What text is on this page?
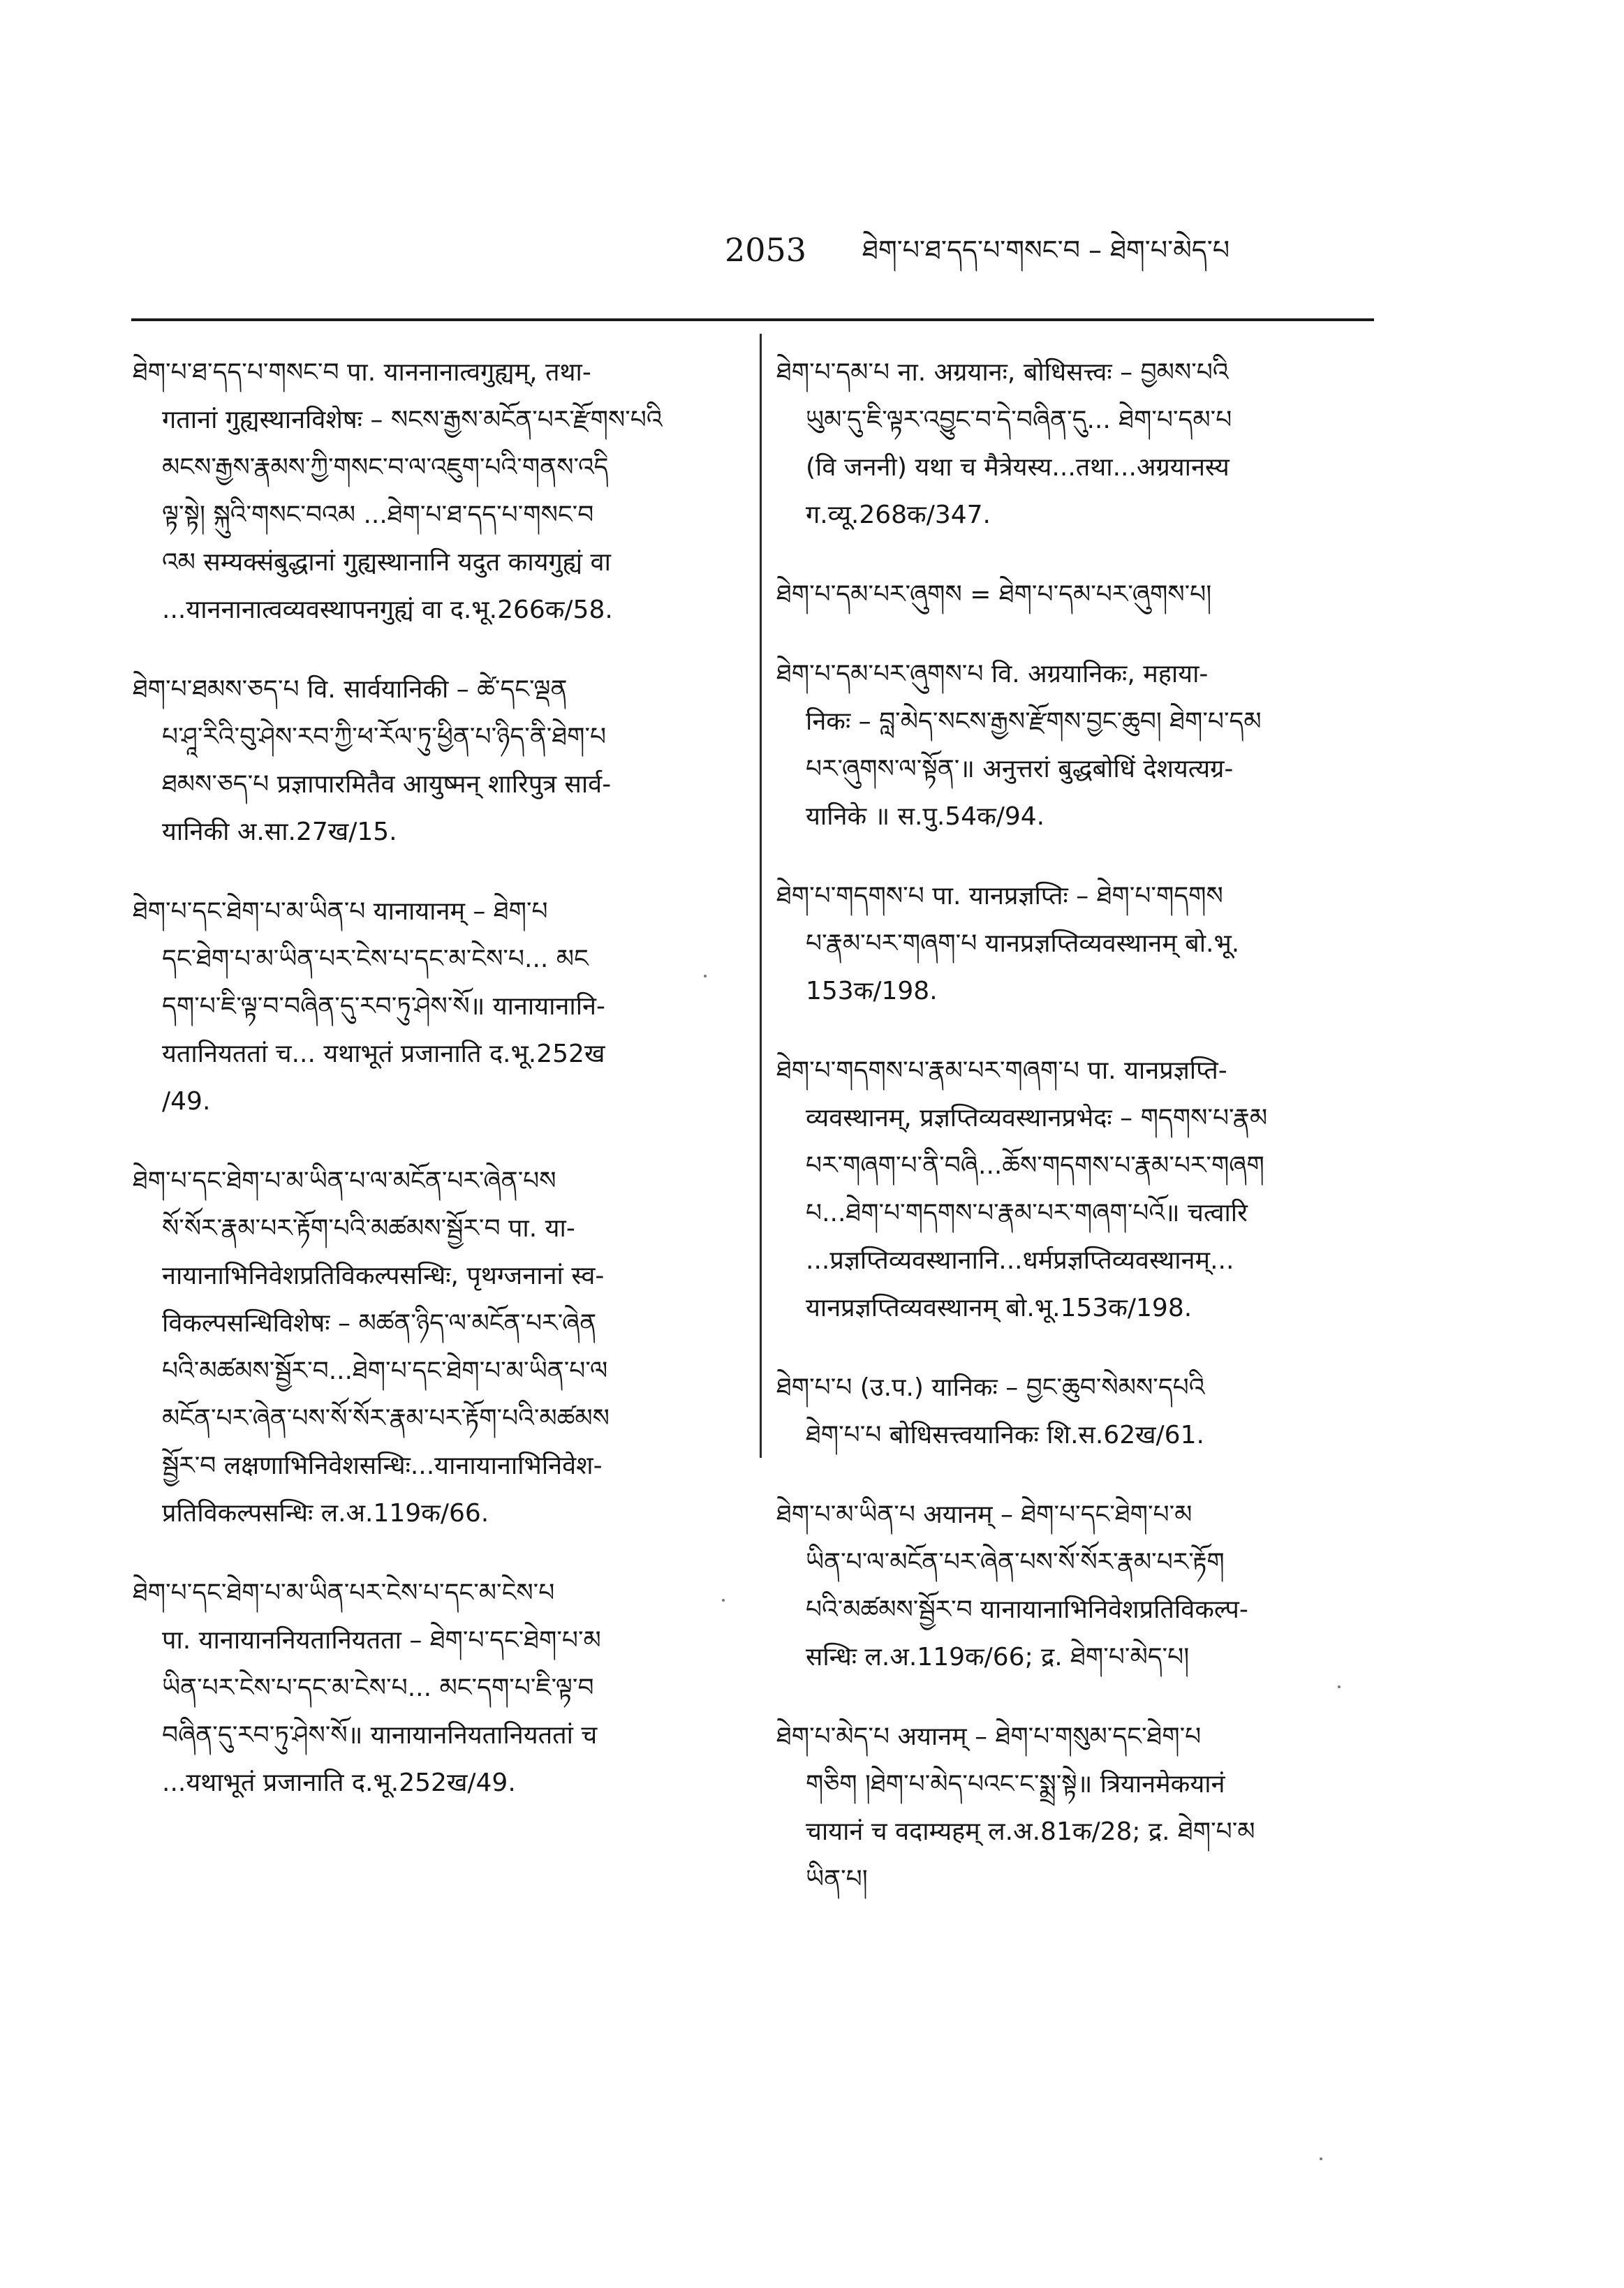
2053 ཐེག་པ་ཐ་དད་པ་གསང་བ – ཐེག་པ་མེད་པ

ཐེག་པ་ཐ་དད་པ་གསང་བ पा. याननानात्वगुह्यम्, तथा-

गतानां गुह्यस्थानविशेषः – སངས་རྒྱས་མངོན་པར་རྫོགས་པའི

མངས་རྒྱས་རྣམས་ཀྱི་གསང་བ་ལ་འཇུག་པའི་གནས་འདི

ལྟ་སྟེ། སྐུའི་གསང་བའམ ...ཐེག་པ་ཐ་དད་པ་གསང་བ

འམ सम्यक्संबुद्धानां गुह्यस्थानानि यदुत कायगुह्यं वा

...याननानात्वव्यवस्थापनगुह्यं वा द.भू.266क/58.

ཐེག་པ་ཐམས་ཅད་པ वि. सार्वयानिकी – ཚེ་དང་ལྡན

པ་ཤཱ་རིའི་བུ་ཤེས་རབ་ཀྱི་ཕ་རོལ་ཏུ་ཕྱིན་པ་ཉིད་ནི་ཐེག་པ

ཐམས་ཅད་པ प्रज्ञापारमितैव आयुष्मन् शारिपुत्र सार्व-

यानिकी अ.सा.27ख/15.

ཐེག་པ་དང་ཐེག་པ་མ་ཡིན་པ यानायानम् – ཐེག་པ

དང་ཐེག་པ་མ་ཡིན་པར་ངེས་པ་དང་མ་ངེས་པ... མང

དག་པ་ཇི་ལྟ་བ་བཞིན་དུ་རབ་ཏུ་ཤེས་སོ॥ यानायानानि-

यतानियततां च... यथाभूतं प्रजानाति द.भू.252ख

/49.

ཐེག་པ་དང་ཐེག་པ་མ་ཡིན་པ་ལ་མངོན་པར་ཞེན་པས

སོ་སོར་རྣམ་པར་རྟོག་པའི་མཚམས་སྦྱོར་བ पा. या-

नायानाभिनिवेशप्रतिविकल्पसन्धिः, पृथग्जनानां स्व-

विकल्पसन्धिविशेषः – མཚན་ཉིད་ལ་མངོན་པར་ཞེན

པའི་མཚམས་སྦྱོར་བ...ཐེག་པ་དང་ཐེག་པ་མ་ཡིན་པ་ལ

མངོན་པར་ཞེན་པས་སོ་སོར་རྣམ་པར་རྟོག་པའི་མཚམས

སྦྱོར་བ लक्षणाभिनिवेशसन्धिः...यानायानाभिनिवेश-

प्रतिविकल्पसन्धिः ल.अ.119क/66.

ཐེག་པ་དང་ཐེག་པ་མ་ཡིན་པར་ངེས་པ་དང་མ་ངེས་པ

पा. यानायाननियतानियतता – ཐེག་པ་དང་ཐེག་པ་མ

ཡིན་པར་ངེས་པ་དང་མ་ངེས་པ... མང་དག་པ་ཇི་ལྟ་བ

བཞིན་དུ་རབ་ཏུ་ཤེས་སོ॥ यानायाननियतानियततां च

...यथाभूतं प्रजानाति द.भू.252ख/49.

ཐེག་པ་དམ་པ ना. अग्रयानः, बोधिसत्त्वः – བྱམས་པའི

ཡུམ་དུ་ཇི་ལྟར་འབྱུང་བ་དེ་བཞིན་དུ... ཐེག་པ་དམ་པ

(वि जननी) यथा च मैत्रेयस्य...तथा...अग्रयानस्य

ग.व्यू.268क/347.

ཐེག་པ་དམ་པར་ཞུགས = ཐེག་པ་དམ་པར་ཞུགས་པ།

ཐེག་པ་དམ་པར་ཞུགས་པ वि. अग्रयानिकः, महाया-

निकः – བླ་མེད་སངས་རྒྱས་རྫོགས་བྱང་ཆུབ། ཐེག་པ་དམ

པར་ཞུགས་ལ་སྟོན་॥ अनुत्तरां बुद्धबोधिं देशयत्यग्र-

यानिके ॥ स.पु.54क/94.

ཐེག་པ་གདགས་པ पा. यानप्रज्ञप्तिः – ཐེག་པ་གདགས

པ་རྣམ་པར་གཞག་པ यानप्रज्ञप्तिव्यवस्थानम् बो.भू.

153क/198.

ཐེག་པ་གདགས་པ་རྣམ་པར་གཞག་པ पा. यानप्रज्ञप्ति-

व्यवस्थानम्, प्रज्ञप्तिव्यवस्थानप्रभेदः – གདགས་པ་རྣམ

པར་གཞག་པ་ནི་བཞི...ཆོས་གདགས་པ་རྣམ་པར་གཞག

པ...ཐེག་པ་གདགས་པ་རྣམ་པར་གཞག་པའོ॥ चत्वारि

...प्रज्ञप्तिव्यवस्थानानि...धर्मप्रज्ञप्तिव्यवस्थानम्...

यानप्रज्ञप्तिव्यवस्थानम् बो.भू.153क/198.

ཐེག་པ་པ (उ.प.) यानिकः – བྱང་ཆུབ་སེམས་དཔའི

ཐེག་པ་པ बोधिसत्त्वयानिकः शि.स.62ख/61.

ཐེག་པ་མ་ཡིན་པ अयानम् – ཐེག་པ་དང་ཐེག་པ་མ

ཡིན་པ་ལ་མངོན་པར་ཞེན་པས་སོ་སོར་རྣམ་པར་རྟོག

པའི་མཚམས་སྦྱོར་བ यानायानाभिनिवेशप्रतिविकल्प-

सन्धिः ल.अ.119क/66; द्र. ཐེག་པ་མེད་པ།

ཐེག་པ་མེད་པ अयानम् – ཐེག་པ་གསུམ་དང་ཐེག་པ

གཅིག །ཐེག་པ་མེད་པའང་ང་སྨྲ་སྟེ॥ त्रियानमेकयानं

चायानं च वदाम्यहम् ल.अ.81क/28; द्र. ཐེག་པ་མ

ཡིན་པ།
